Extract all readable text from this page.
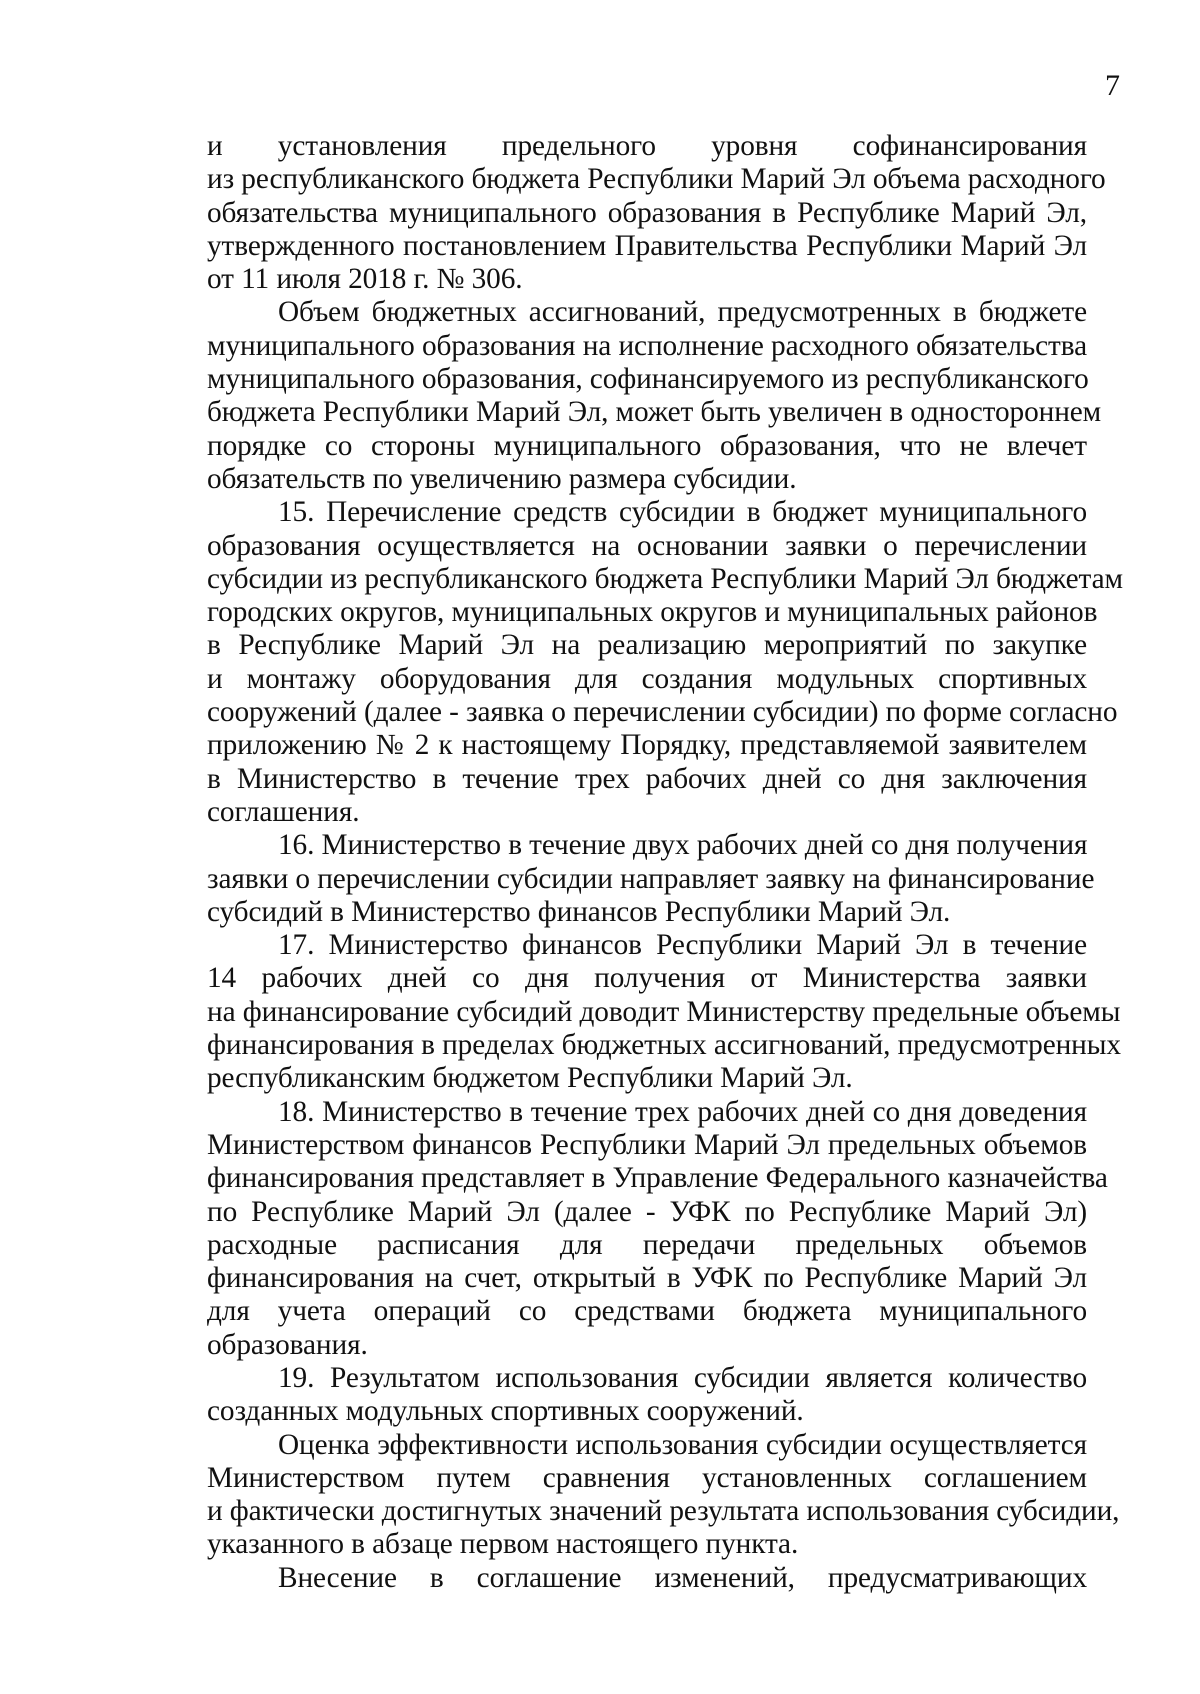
7

и установления предельного уровня софинансирования
из республиканского бюджета Республики Марий Эл объема расходного
обязательства муниципального образования в Республике Марий Эл,
утвержденного постановлением Правительства Республики Марий Эл
от 11 июля 2018 г. № 306.

Объем бюджетных ассигнований, предусмотренных в бюджете
муниципального образования на исполнение расходного обязательства
муниципального образования, софинансируемого из республиканского
бюджета Республики Марий Эл, может быть увеличен в одностороннем
порядке со стороны муниципального образования, что не влечет
обязательств по увеличению размера субсидии.

15. Перечисление средств субсидии в бюджет муниципального
образования осуществляется на основании заявки о перечислении
субсидии из республиканского бюджета Республики Марий Эл бюджетам
городских округов, муниципальных округов и муниципальных районов
в Республике Марий Эл на реализацию мероприятий по закупке
и монтажу оборудования для создания модульных спортивных
сооружений (далее - заявка о перечислении субсидии) по форме согласно
приложению № 2 к настоящему Порядку, представляемой заявителем
в Министерство в течение трех рабочих дней со дня заключения
соглашения.

16. Министерство в течение двух рабочих дней со дня получения
заявки о перечислении субсидии направляет заявку на финансирование
субсидий в Министерство финансов Республики Марий Эл.

17. Министерство финансов Республики Марий Эл в течение
14 рабочих дней со дня получения от Министерства заявки
на финансирование субсидий доводит Министерству предельные объемы
финансирования в пределах бюджетных ассигнований, предусмотренных
республиканским бюджетом Республики Марий Эл.

18. Министерство в течение трех рабочих дней со дня доведения
Министерством финансов Республики Марий Эл предельных объемов
финансирования представляет в Управление Федерального казначейства
по Республике Марий Эл (далее - УФК по Республике Марий Эл)
расходные расписания для передачи предельных объемов
финансирования на счет, открытый в УФК по Республике Марий Эл
для учета операций со средствами бюджета муниципального
образования.

19. Результатом использования субсидии является количество
созданных модульных спортивных сооружений.

Оценка эффективности использования субсидии осуществляется
Министерством путем сравнения установленных соглашением
и фактически достигнутых значений результата использования субсидии,
указанного в абзаце первом настоящего пункта.

Внесение в соглашение изменений, предусматривающих
